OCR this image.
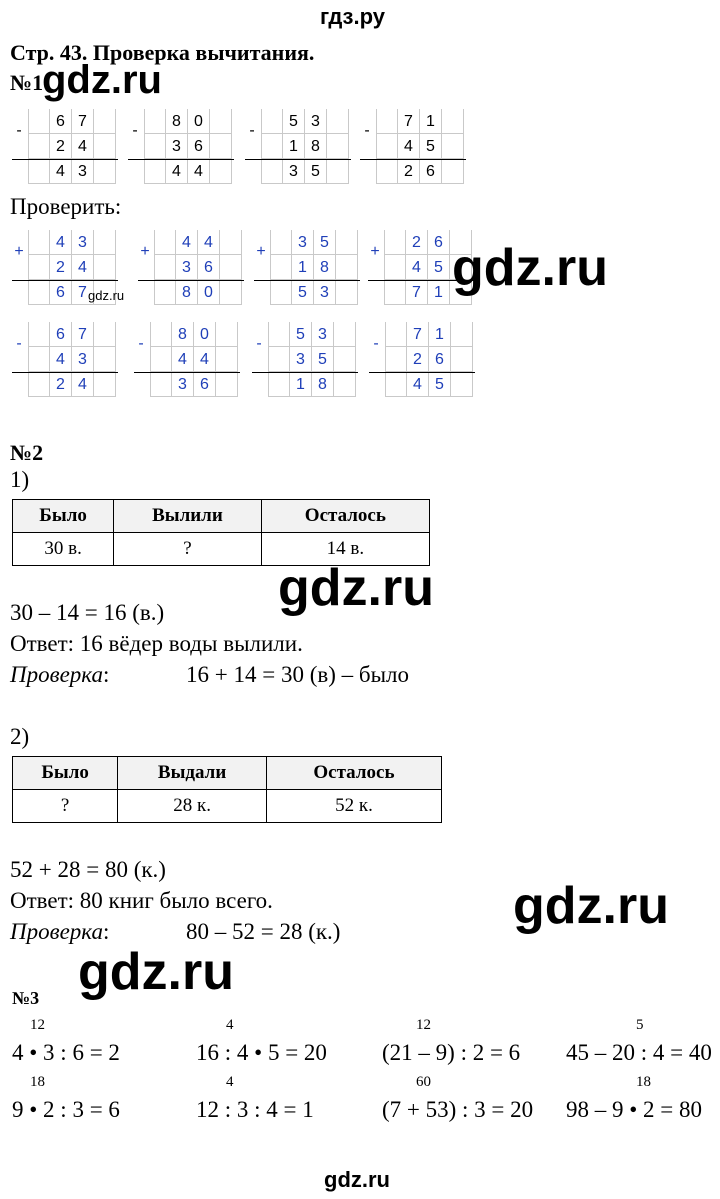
гдз.ру
Стр. 43. Проверка вычитания.
№1
gdz.ru
-
6 7
2 4
4 3
-
8 0
3 6
4 4
-
5 3
1 8
3 5
-
7 1
4 5
2 6
Проверить:
+
4 3
2 4
6 7
+
4 4
3 6
8 0
+
3 5
1 8
5 3
+
2 6
4 5
7 1
gdz.ru	gdz.ru
-
6 7
4 3
2 4
-
8 0
4 4
3 6
-
5 3
3 5
1 8
-
7 1
2 6
4 5
№2
1)
Было	Вылили	Осталось
30 в.	?	14 в.
gdz.ru
30 – 14 = 16 (в.)
Ответ: 16 вёдер воды вылили.
Проверка:	16 + 14 = 30 (в) – было
2)
Было	Выдали	Осталось
?	28 к.	52 к.
52 + 28 = 80 (к.)
Ответ: 80 книг было всего.	gdz.ru
Проверка:	80 – 52 = 28 (к.)
gdz.ru
№3
12
4 • 3 : 6 = 2
4
16 : 4 • 5 = 20
12
(21 – 9) : 2 = 6
5
45 – 20 : 4 = 40
18
9 • 2 : 3 = 6
4
12 : 3 : 4 = 1
60
(7 + 53) : 3 = 20
18
98 – 9 • 2 = 80
gdz.ru
